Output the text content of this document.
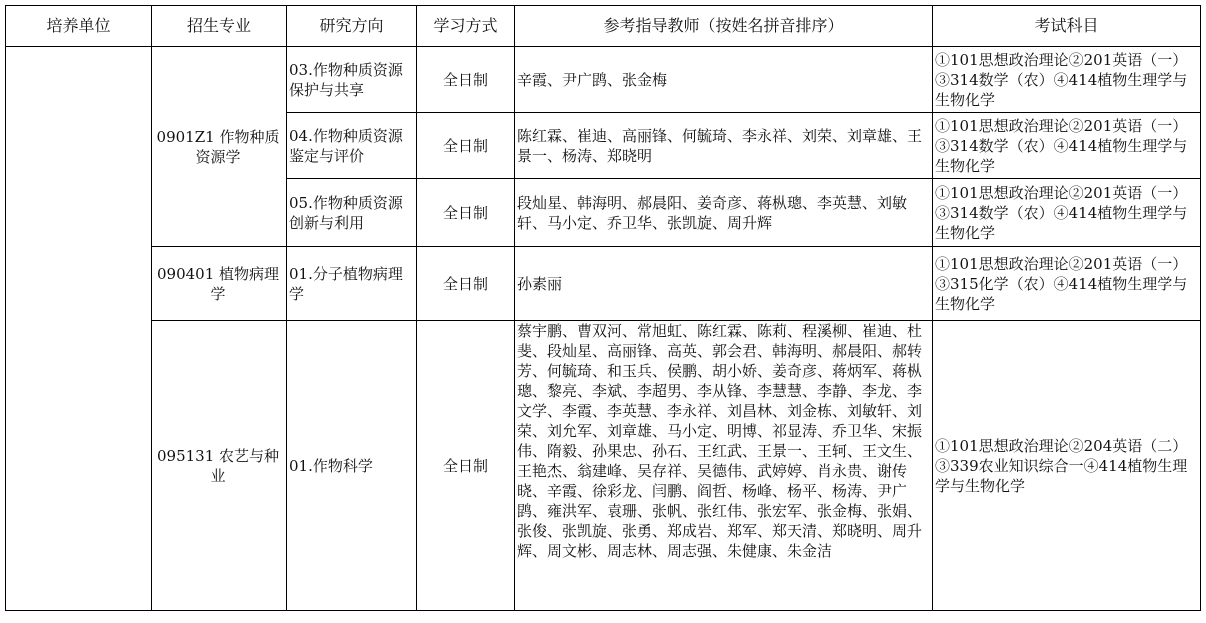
培养单位	招生专业	研究方向	学习方式	参考指导教师（按姓名拼音排序）	考试科目
	0901Z1 作物种质资源学	03.作物种质资源保护与共享	全日制	辛霞、尹广鹍、张金梅	①101思想政治理论②201英语（一）③314数学（农）④414植物生理学与生物化学
		04.作物种质资源鉴定与评价	全日制	陈红霖、崔迪、高丽锋、何毓琦、李永祥、刘荣、刘章雄、王景一、杨涛、郑晓明	①101思想政治理论②201英语（一）③314数学（农）④414植物生理学与生物化学
		05.作物种质资源创新与利用	全日制	段灿星、韩海明、郝晨阳、姜奇彦、蒋枞璁、李英慧、刘敏轩、马小定、乔卫华、张凯旋、周升辉	①101思想政治理论②201英语（一）③314数学（农）④414植物生理学与生物化学
	090401 植物病理学	01.分子植物病理学	全日制	孙素丽	①101思想政治理论②201英语（一）③315化学（农）④414植物生理学与生物化学
	095131 农艺与种业	01.作物科学	全日制	蔡宇鹏、曹双河、常旭虹、陈红霖、陈莉、程溪柳、崔迪、杜斐、段灿星、高丽锋、高英、郭会君、韩海明、郝晨阳、郝转芳、何毓琦、和玉兵、侯鹏、胡小娇、姜奇彦、蒋炳军、蒋枞璁、黎亮、李斌、李超男、李从锋、李慧慧、李静、李龙、李文学、李霞、李英慧、李永祥、刘昌林、刘金栋、刘敏轩、刘荣、刘允军、刘章雄、马小定、明博、祁显涛、乔卫华、宋振伟、隋毅、孙果忠、孙石、王红武、王景一、王轲、王文生、王艳杰、翁建峰、吴存祥、吴德伟、武婷婷、肖永贵、谢传晓、辛霞、徐彩龙、闫鹏、阎哲、杨峰、杨平、杨涛、尹广鹍、雍洪军、袁珊、张帆、张红伟、张宏军、张金梅、张娟、张俊、张凯旋、张勇、郑成岩、郑军、郑天清、郑晓明、周升辉、周文彬、周志林、周志强、朱健康、朱金洁	①101思想政治理论②204英语（二）③339农业知识综合一④414植物生理学与生物化学
